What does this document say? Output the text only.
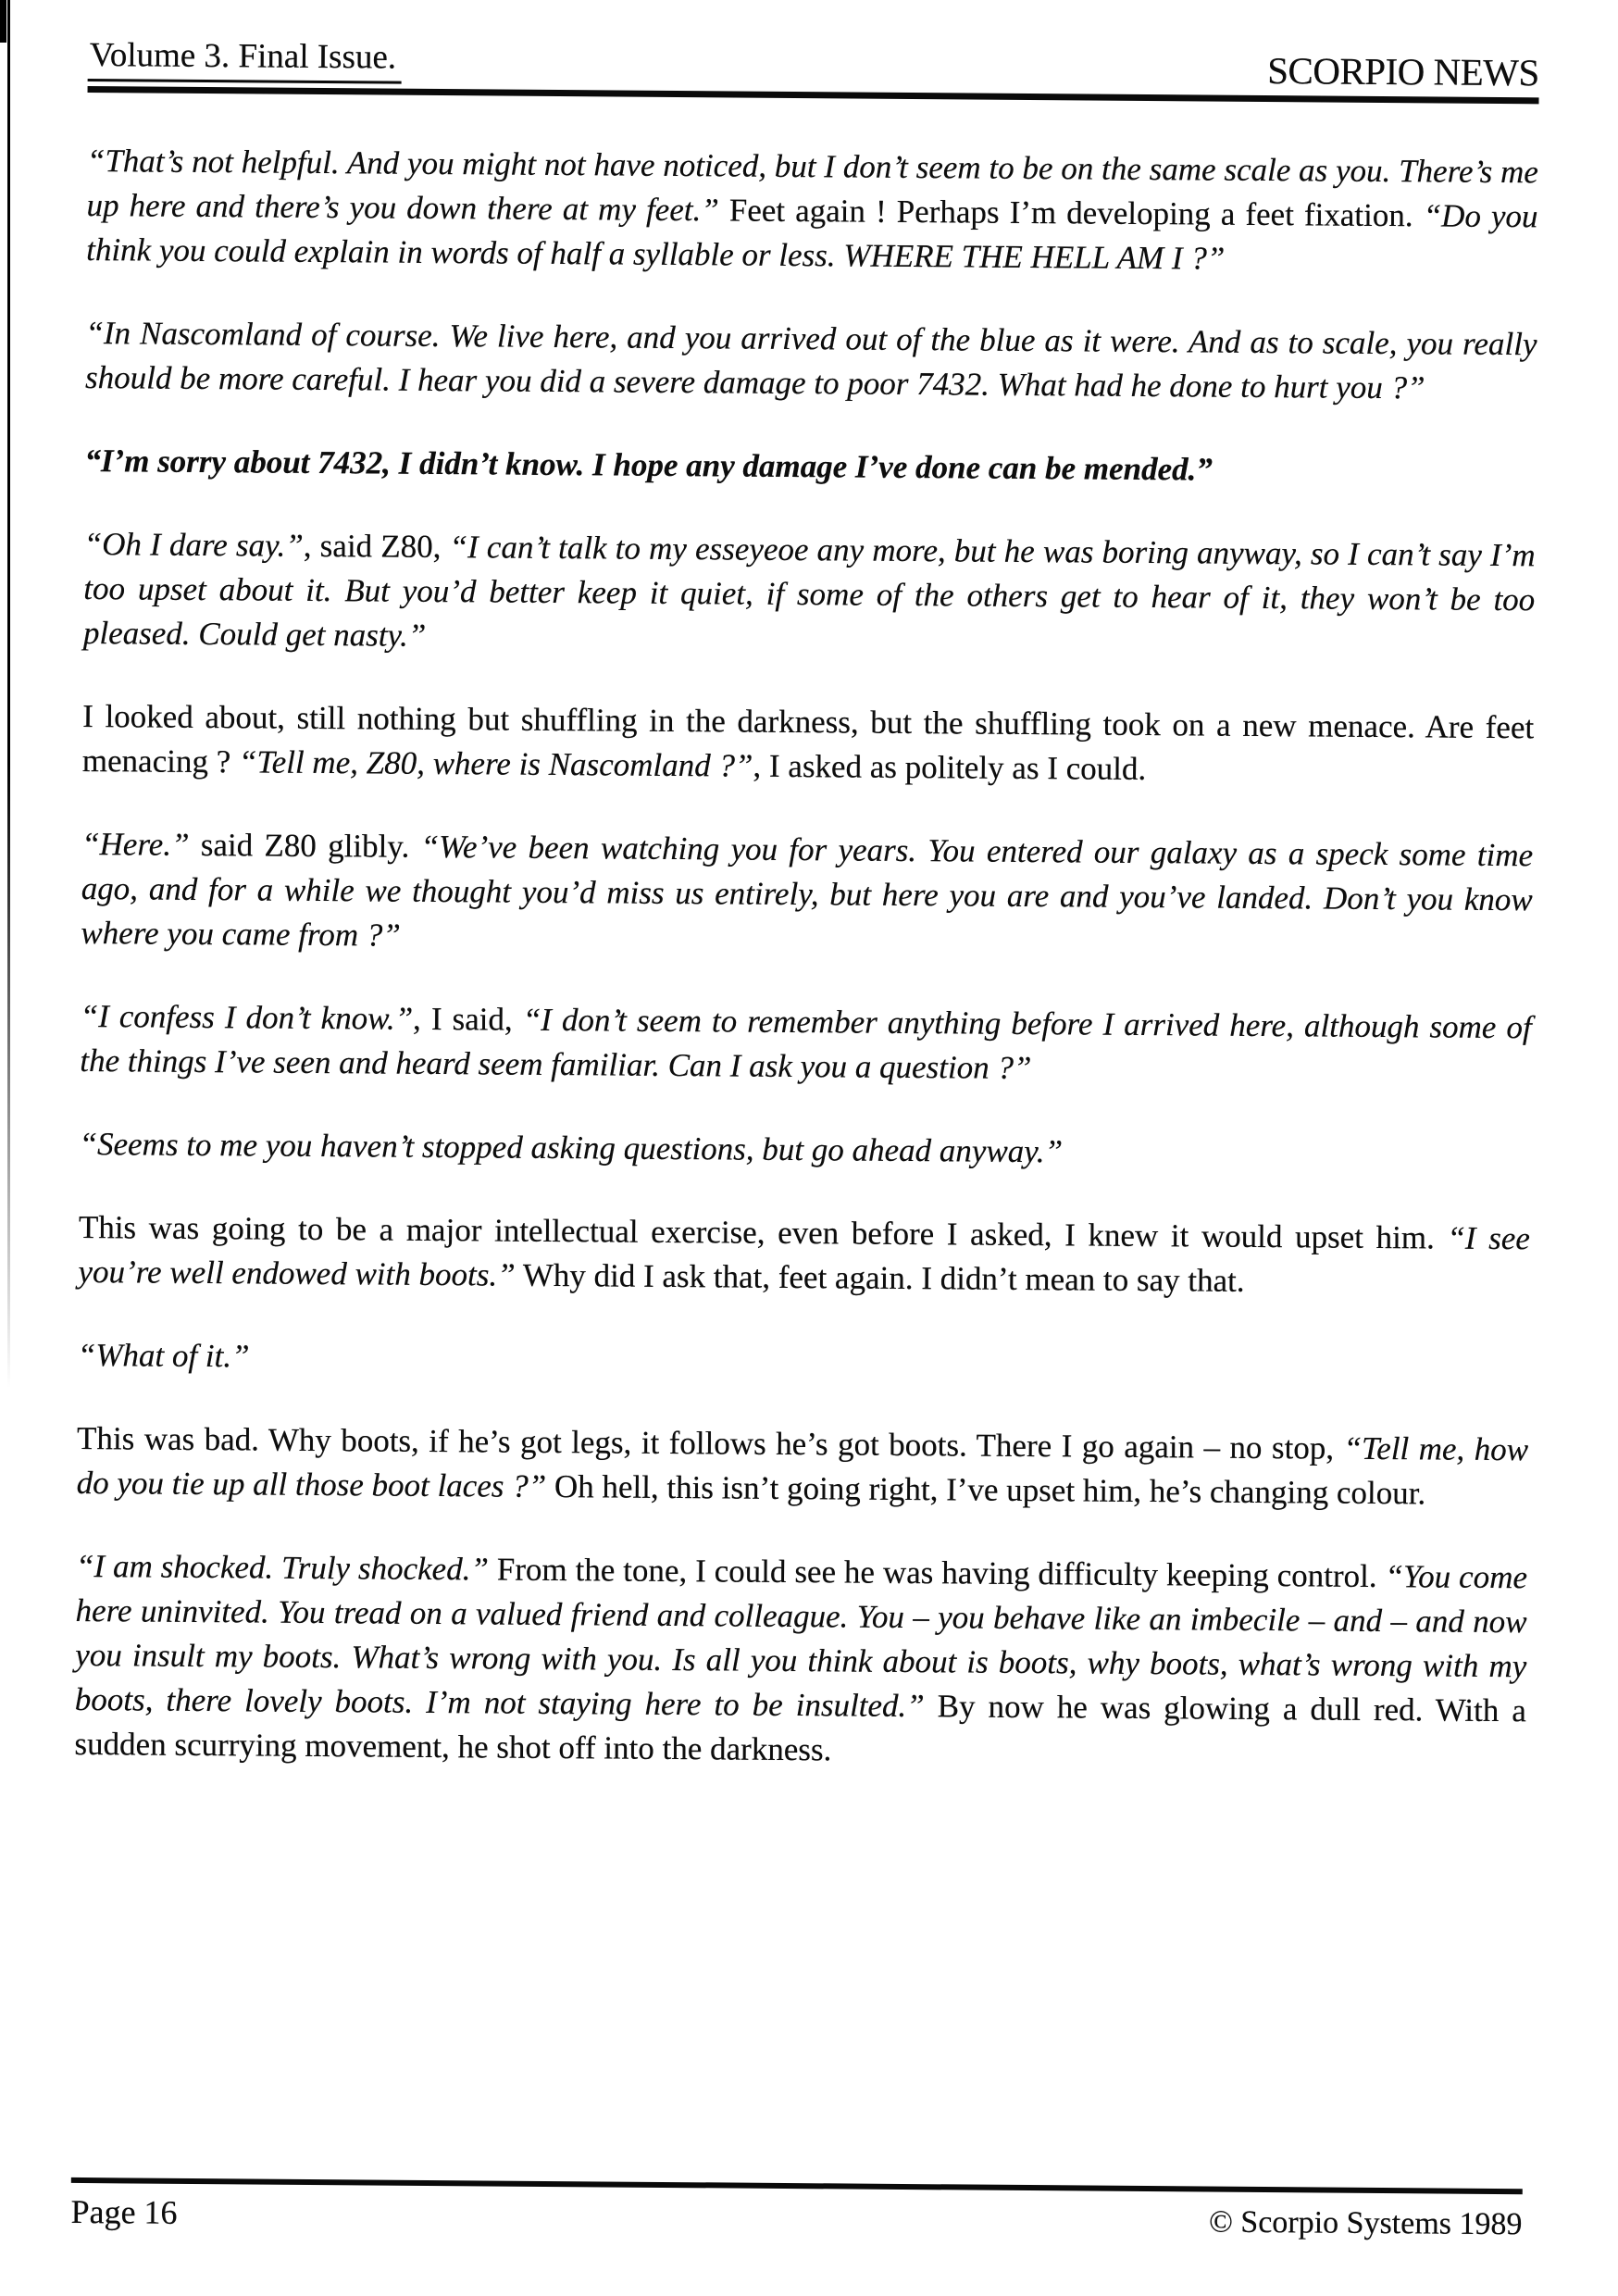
Volume 3. Final Issue.	SCORPIO NEWS

“That’s not helpful. And you might not have noticed, but I don’t seem to be on the same scale as you. There’s me up here and there’s you down there at my feet.” Feet again ! Perhaps I’m developing a feet fixation. “Do you think you could explain in words of half a syllable or less. WHERE THE HELL AM I ?”

“In Nascomland of course. We live here, and you arrived out of the blue as it were. And as to scale, you really should be more careful. I hear you did a severe damage to poor 7432. What had he done to hurt you ?”

“I’m sorry about 7432, I didn’t know. I hope any damage I’ve done can be mended.”

“Oh I dare say.”, said Z80, “I can’t talk to my esseyeoe any more, but he was boring anyway, so I can’t say I’m too upset about it. But you’d better keep it quiet, if some of the others get to hear of it, they won’t be too pleased. Could get nasty.”

I looked about, still nothing but shuffling in the darkness, but the shuffling took on a new menace. Are feet menacing ? “Tell me, Z80, where is Nascomland ?”, I asked as politely as I could.

“Here.” said Z80 glibly. “We’ve been watching you for years. You entered our galaxy as a speck some time ago, and for a while we thought you’d miss us entirely, but here you are and you’ve landed. Don’t you know where you came from ?”

“I confess I don’t know.”, I said, “I don’t seem to remember anything before I arrived here, although some of the things I’ve seen and heard seem familiar. Can I ask you a question ?”

“Seems to me you haven’t stopped asking questions, but go ahead anyway.”

This was going to be a major intellectual exercise, even before I asked, I knew it would upset him. “I see you’re well endowed with boots.” Why did I ask that, feet again. I didn’t mean to say that.

“What of it.”

This was bad. Why boots, if he’s got legs, it follows he’s got boots. There I go again – no stop, “Tell me, how do you tie up all those boot laces ?” Oh hell, this isn’t going right, I’ve upset him, he’s changing colour.

“I am shocked. Truly shocked.” From the tone, I could see he was having difficulty keeping control. “You come here uninvited. You tread on a valued friend and colleague. You – you behave like an imbecile – and – and now you insult my boots. What’s wrong with you. Is all you think about is boots, why boots, what’s wrong with my boots, there lovely boots. I’m not staying here to be insulted.” By now he was glowing a dull red. With a sudden scurrying movement, he shot off into the darkness.

Page 16	© Scorpio Systems 1989
